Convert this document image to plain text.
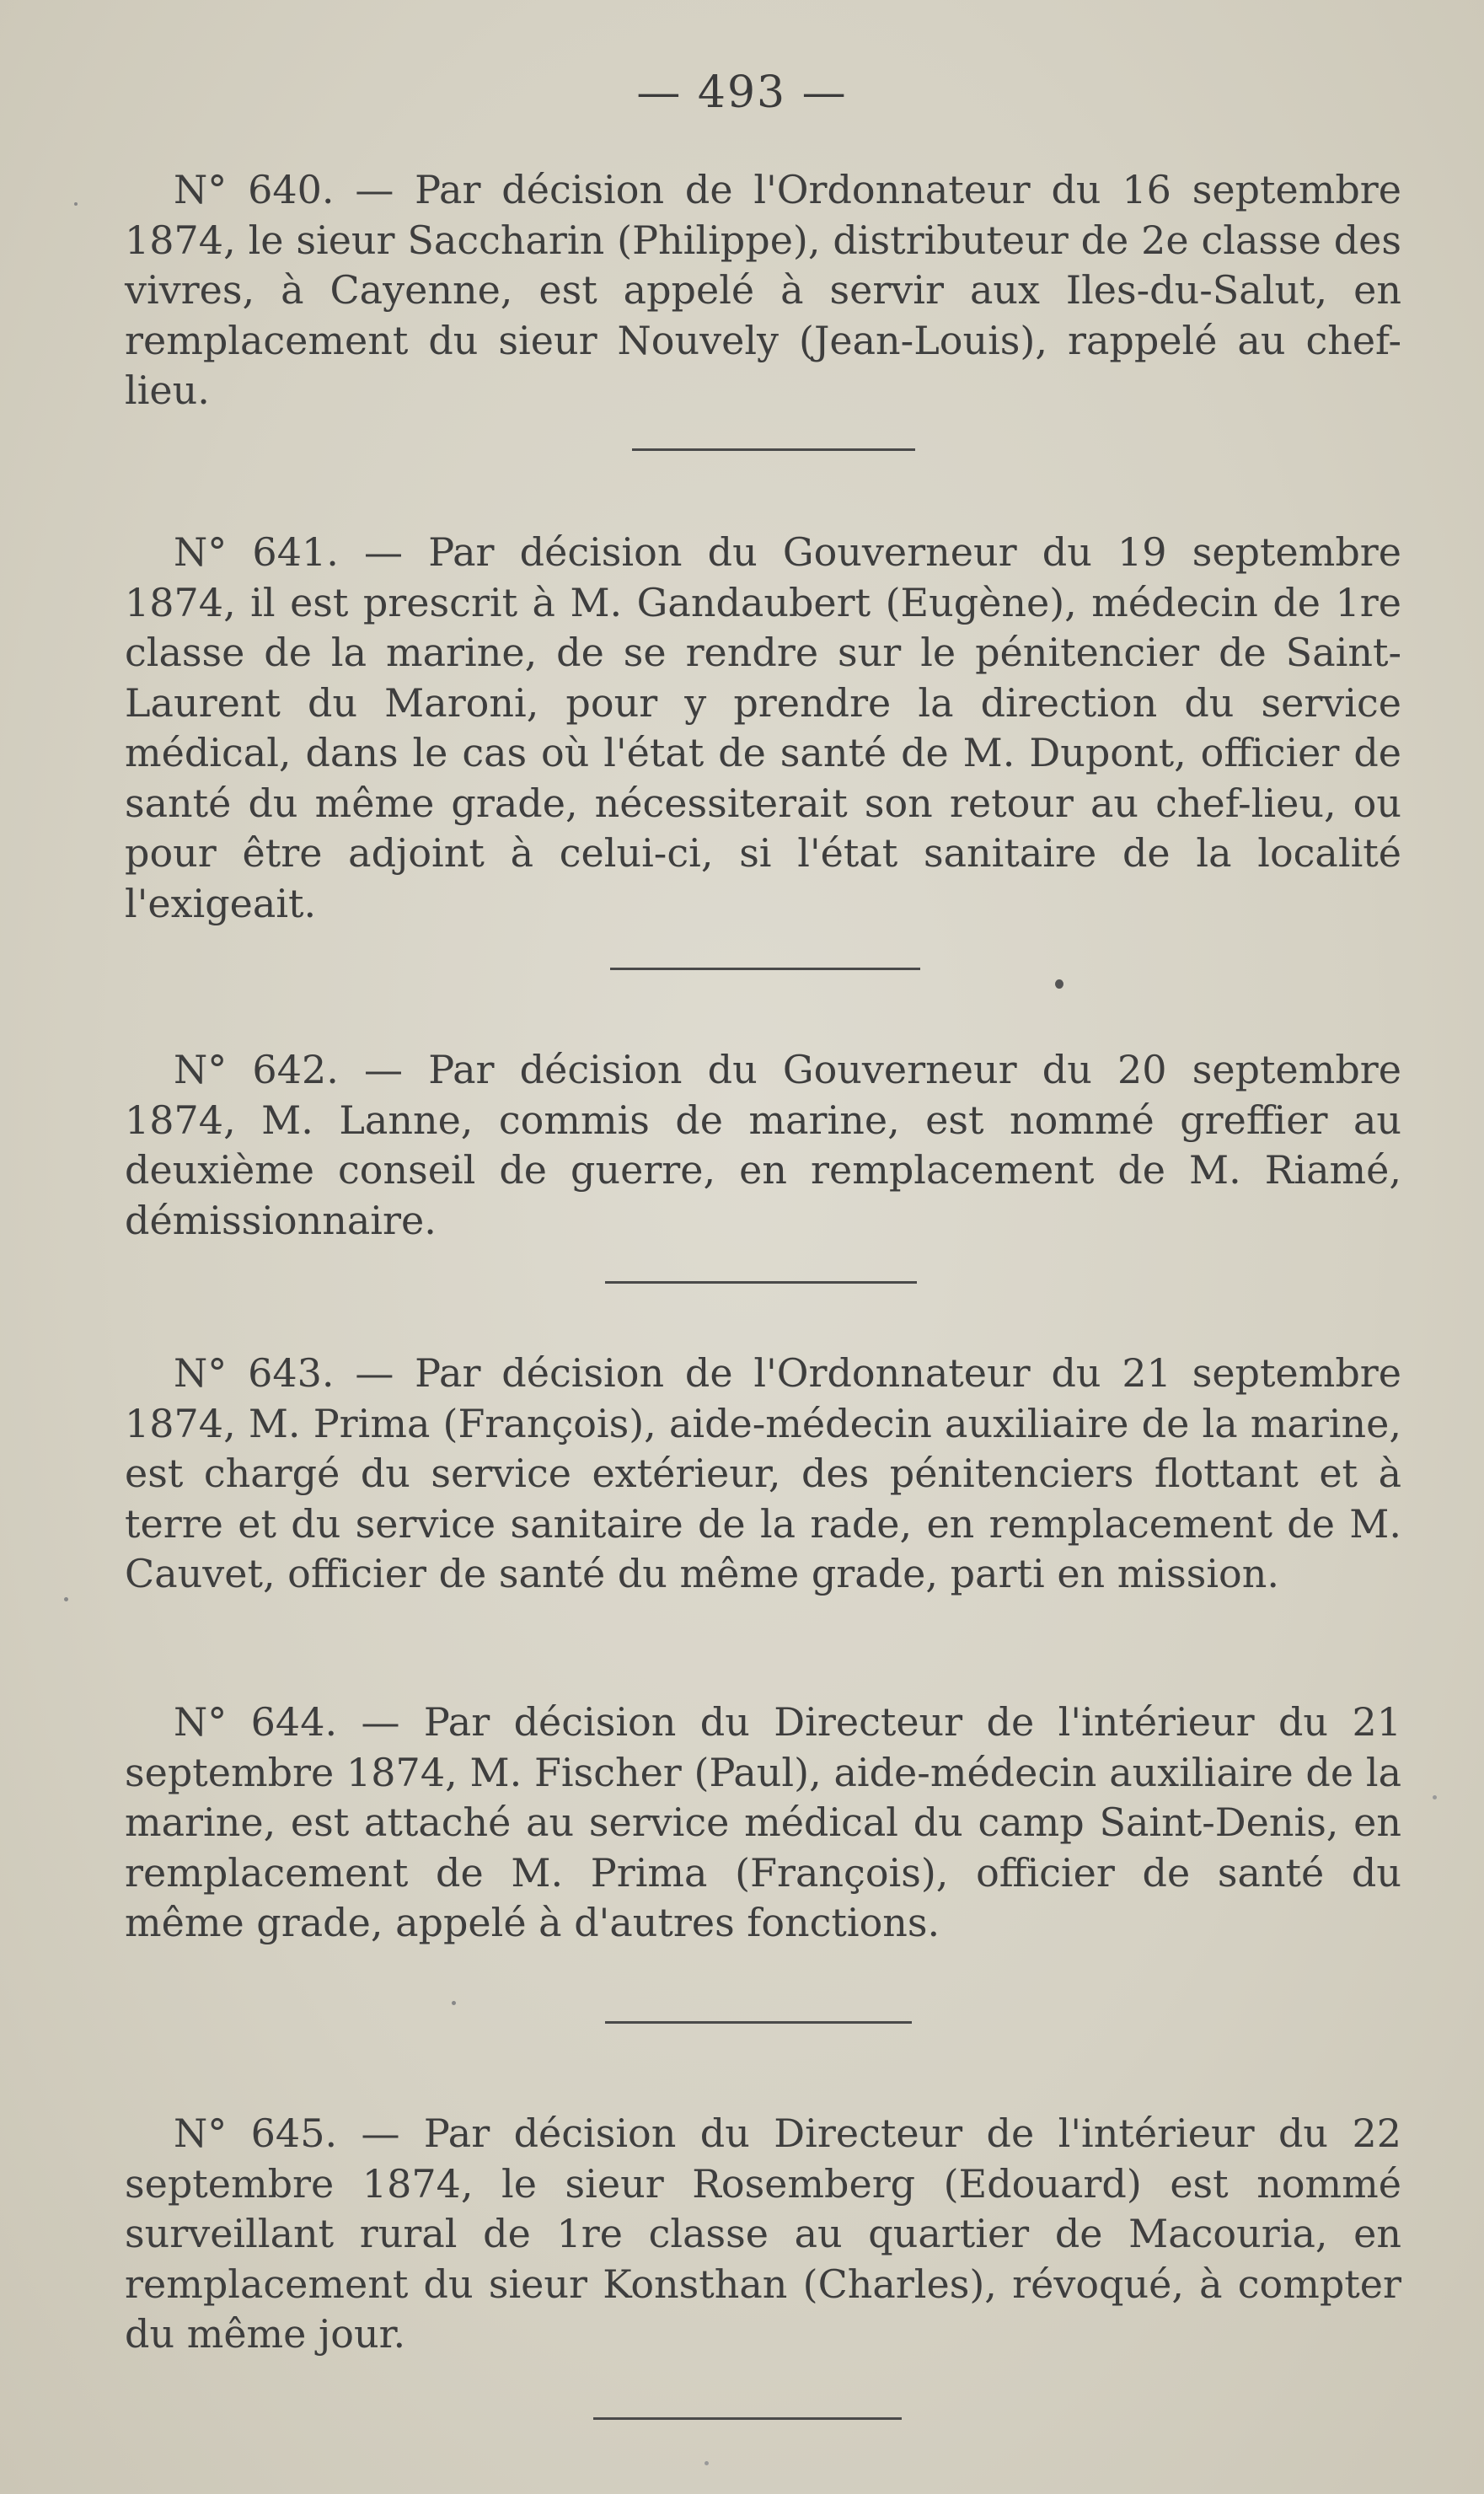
— 493 —

N° 640. — Par décision de l'Ordonnateur du 16 septembre 1874, le sieur Saccharin (Philippe), distributeur de 2e classe des vivres, à Cayenne, est appelé à servir aux Iles-du-Salut, en remplacement du sieur Nouvely (Jean-Louis), rappelé au chef-lieu.

N° 641. — Par décision du Gouverneur du 19 septembre 1874, il est prescrit à M. Gandaubert (Eugène), médecin de 1re classe de la marine, de se rendre sur le pénitencier de Saint-Laurent du Maroni, pour y prendre la direction du service médical, dans le cas où l'état de santé de M. Dupont, officier de santé du même grade, nécessiterait son retour au chef-lieu, ou pour être adjoint à celui-ci, si l'état sanitaire de la localité l'exigeait.

N° 642. — Par décision du Gouverneur du 20 septembre 1874, M. Lanne, commis de marine, est nommé greffier au deuxième conseil de guerre, en remplacement de M. Riamé, démissionnaire.

N° 643. — Par décision de l'Ordonnateur du 21 septembre 1874, M. Prima (François), aide-médecin auxiliaire de la marine, est chargé du service extérieur, des pénitenciers flottant et à terre et du service sanitaire de la rade, en remplacement de M. Cauvet, officier de santé du même grade, parti en mission.

N° 644. — Par décision du Directeur de l'intérieur du 21 septembre 1874, M. Fischer (Paul), aide-médecin auxiliaire de la marine, est attaché au service médical du camp Saint-Denis, en remplacement de M. Prima (François), officier de santé du même grade, appelé à d'autres fonctions.

N° 645. — Par décision du Directeur de l'intérieur du 22 septembre 1874, le sieur Rosemberg (Edouard) est nommé surveillant rural de 1re classe au quartier de Macouria, en remplacement du sieur Konsthan (Charles), révoqué, à compter du même jour.
